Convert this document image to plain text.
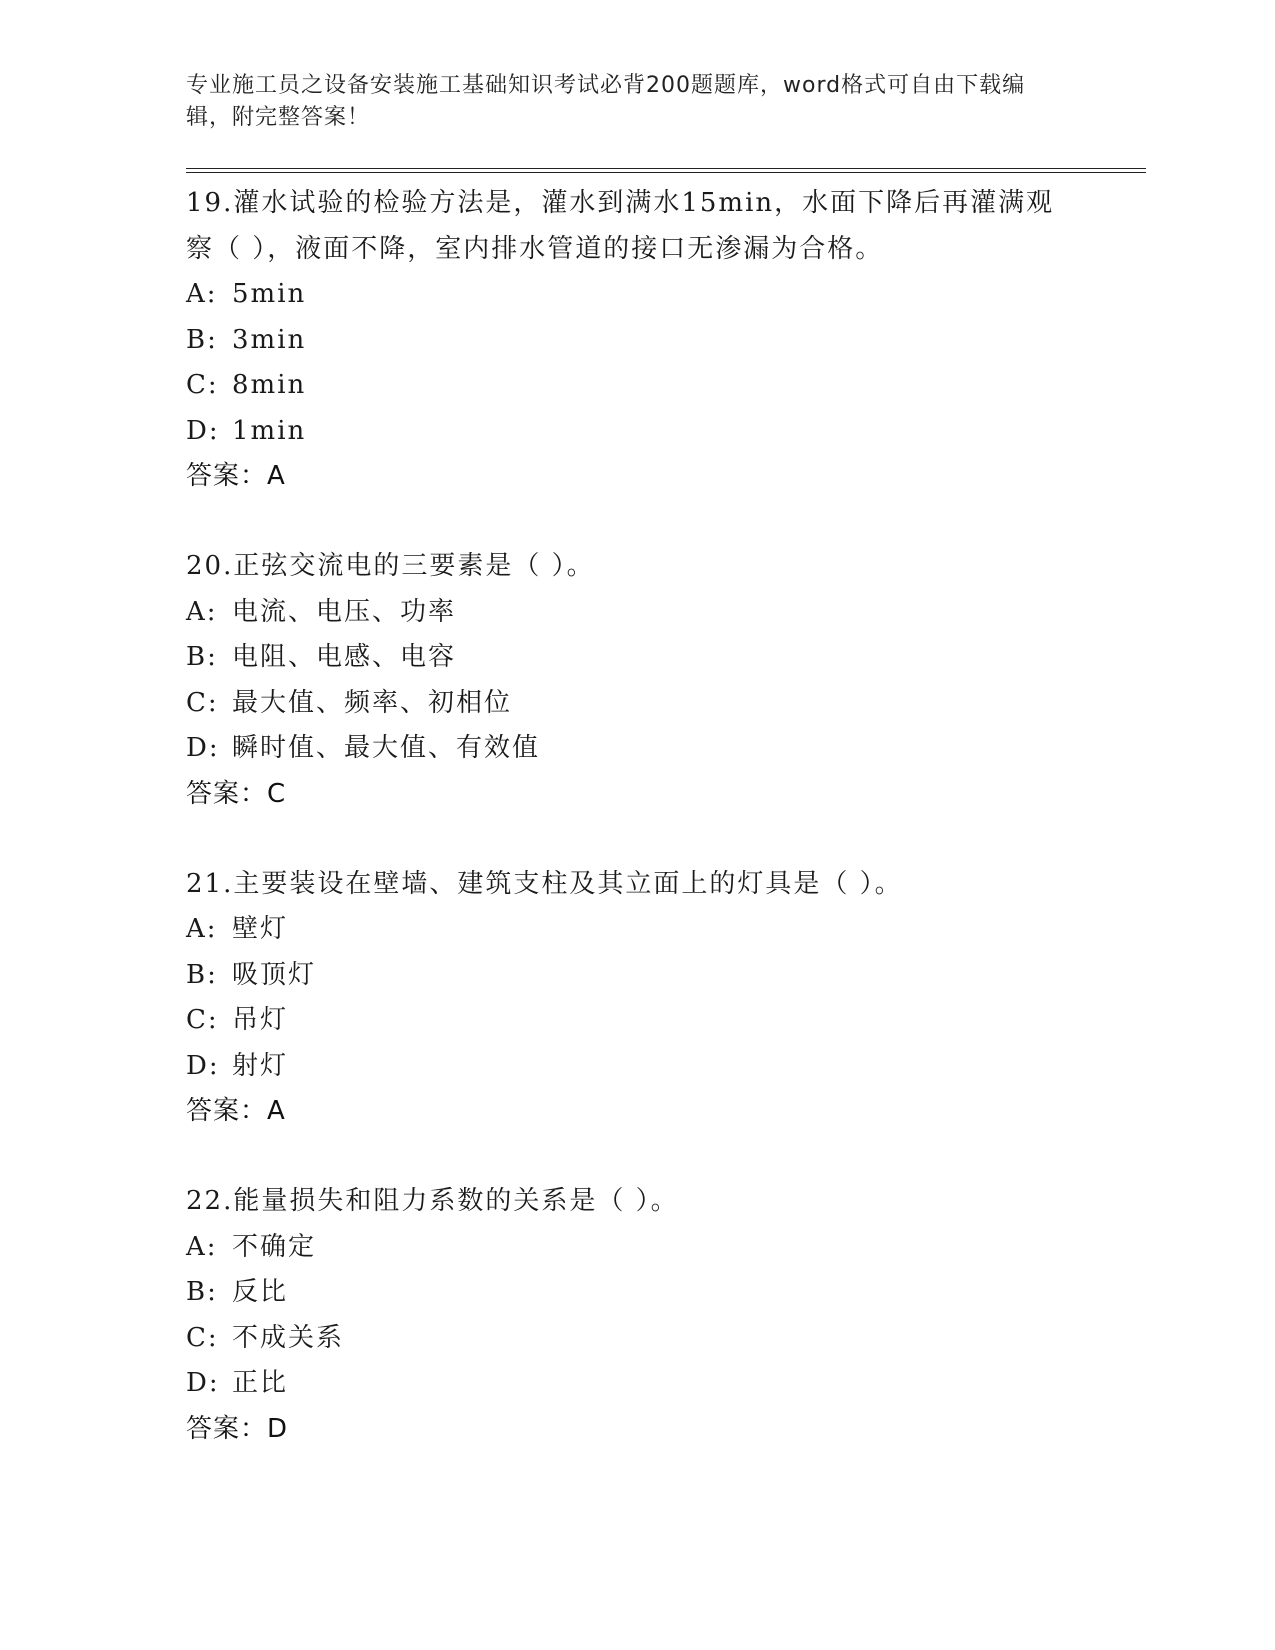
专业施工员之设备安装施工基础知识考试必背200题题库，word格式可自由下载编辑，附完整答案！
19.灌水试验的检验方法是，灌水到满水15min，水面下降后再灌满观察（ ），液面不降，室内排水管道的接口无渗漏为合格。
A: 5min
B: 3min
C: 8min
D: 1min
答案：A
20.正弦交流电的三要素是（ ）。
A: 电流、电压、功率
B: 电阻、电感、电容
C: 最大值、频率、初相位
D: 瞬时值、最大值、有效值
答案：C
21.主要装设在壁墙、建筑支柱及其立面上的灯具是（ ）。
A: 壁灯
B: 吸顶灯
C: 吊灯
D: 射灯
答案：A
22.能量损失和阻力系数的关系是（ ）。
A: 不确定
B: 反比
C: 不成关系
D: 正比
答案：D
